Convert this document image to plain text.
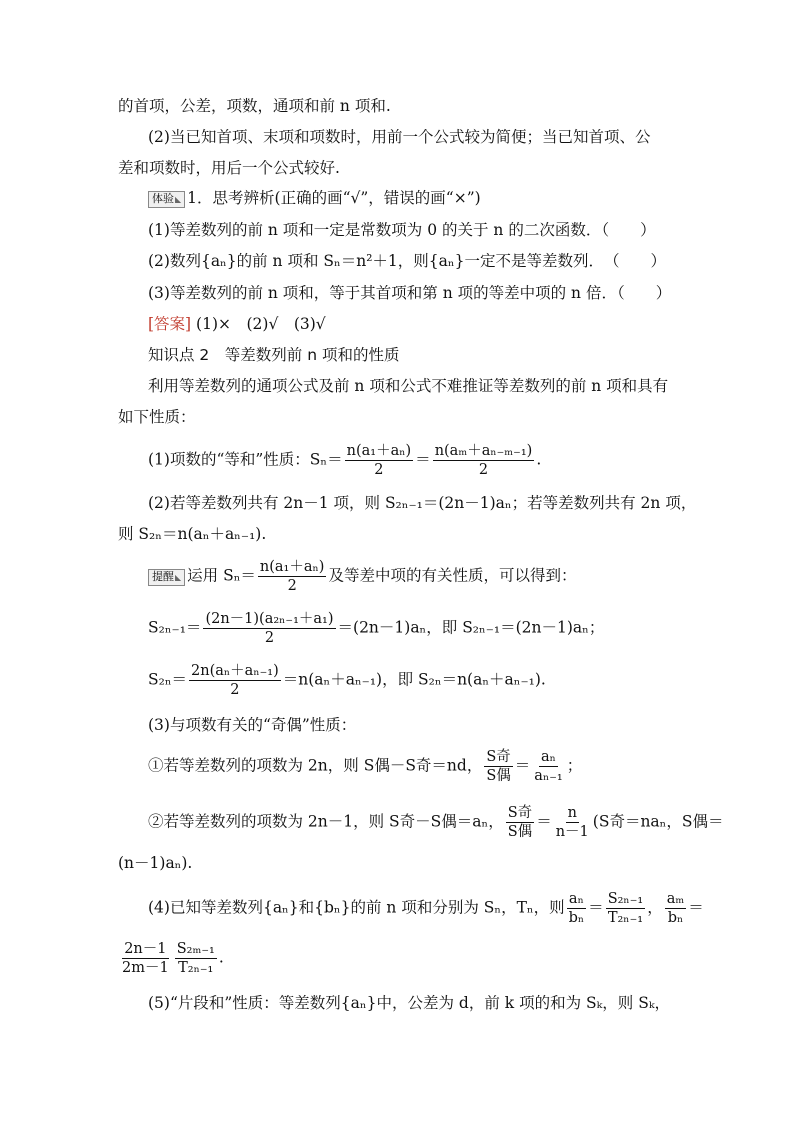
的首项，公差，项数，通项和前 n 项和.
(2)当已知首项、末项和项数时，用前一个公式较为简便；当已知首项、公
差和项数时，用后一个公式较好.
体验 ◣ 1．思考辨析(正确的画“√”，错误的画“×”)
(1)等差数列的前 n 项和一定是常数项为 0 的关于 n 的二次函数．（　　）
(2)数列{aₙ}的前 n 项和 Sₙ＝n²＋1，则{aₙ}一定不是等差数列．　（　　）
(3)等差数列的前 n 项和，等于其首项和第 n 项的等差中项的 n 倍．（　　）
[答案] (1)×　(2)√　(3)√
知识点 2　等差数列前 n 项和的性质
利用等差数列的通项公式及前 n 项和公式不难推证等差数列的前 n 项和具有
如下性质：
(1)项数的“等和”性质：$S_n= \frac{\text{n(a₁＋aₙ)}}{2} = \frac{\text{n(aₘ＋aₙ₋ₘ₋₁)}}{2}$ .
(2)若等差数列共有 2n－1 项，则 S₂ₙ₋₁＝(2n－1)aₙ；若等差数列共有 2n 项，
则 S₂ₙ＝n(aₙ＋aₙ₋₁).
提醒 ◣ 运用 $S_n= \frac{\text{n(a₁＋aₙ)}}{2}$ 及等差中项的有关性质，可以得到：
$S_{2n-1}= \frac{\text{(2n－1)(a₂ₙ₋₁＋a₁)}}{2} =(2n-1)a_n$，即 S₂ₙ₋₁＝(2n－1)aₙ；
$S_{2n}= \frac{\text{2n(aₙ＋aₙ₋₁)}}{2} =n(a_n+a_{n-1})$，即 S₂ₙ＝n(aₙ＋aₙ₋₁).
(3)与项数有关的“奇偶”性质：
①若等差数列的项数为 2n，则 S偶－S奇＝nd， $\frac{\text{S奇}}{\text{S偶}} = \frac{\text{aₙ}}{\text{aₙ₋₁}}$ ；
②若等差数列的项数为 2n－1，则 S奇－S偶＝aₙ， $\frac{\text{S奇}}{\text{S偶}} = \frac{n}{n-1} (S$奇＝naₙ，S偶＝
(n－1)aₙ).
(4)已知等差数列{aₙ}和{bₙ}的前 n 项和分别为 Sₙ，Tₙ，则 $\frac{\text{aₙ}}{\text{bₙ}} = \frac{\text{S₂ₙ₋₁}}{\text{T₂ₙ₋₁}}$ ， $\frac{\text{aₘ}}{\text{bₙ}}$ ＝
$\frac{2n-1}{2m-1} \frac{\text{S₂ₘ₋₁}}{\text{T₂ₙ₋₁}}$ .
(5)“片段和”性质：等差数列{aₙ}中，公差为 d，前 k 项的和为 Sₖ，则 Sₖ，
